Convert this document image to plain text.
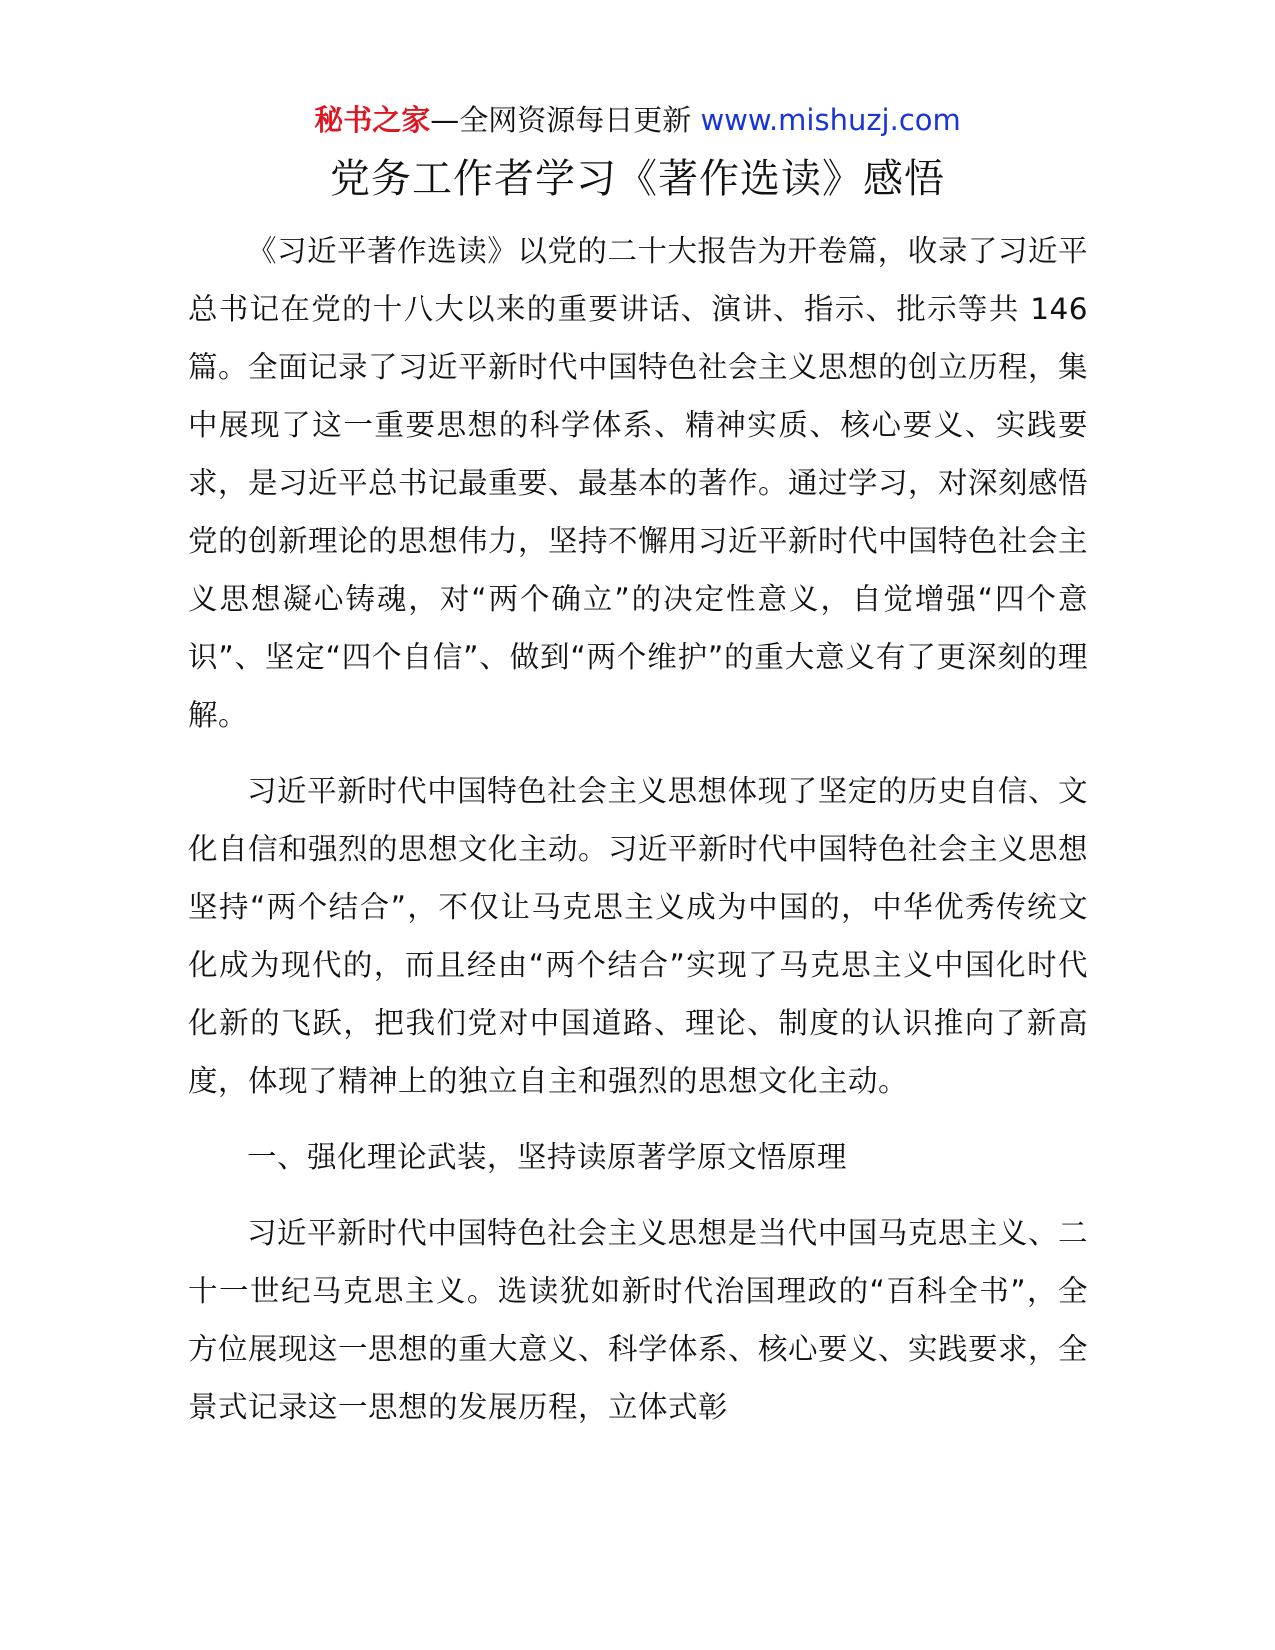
秘书之家—全网资源每日更新 www.mishuzj.com
党务工作者学习《著作选读》感悟

《习近平著作选读》以党的二十大报告为开卷篇，收录了习近平总书记在党的十八大以来的重要讲话、演讲、指示、批示等共 146 篇。全面记录了习近平新时代中国特色社会主义思想的创立历程，集中展现了这一重要思想的科学体系、精神实质、核心要义、实践要求，是习近平总书记最重要、最基本的著作。通过学习，对深刻感悟党的创新理论的思想伟力，坚持不懈用习近平新时代中国特色社会主义思想凝心铸魂，对“两个确立”的决定性意义，自觉增强“四个意识”、坚定“四个自信”、做到“两个维护”的重大意义有了更深刻的理解。

习近平新时代中国特色社会主义思想体现了坚定的历史自信、文化自信和强烈的思想文化主动。习近平新时代中国特色社会主义思想坚持“两个结合”，不仅让马克思主义成为中国的，中华优秀传统文化成为现代的，而且经由“两个结合”实现了马克思主义中国化时代化新的飞跃，把我们党对中国道路、理论、制度的认识推向了新高度，体现了精神上的独立自主和强烈的思想文化主动。

一、强化理论武装，坚持读原著学原文悟原理

习近平新时代中国特色社会主义思想是当代中国马克思主义、二十一世纪马克思主义。选读犹如新时代治国理政的“百科全书”，全方位展现这一思想的重大意义、科学体系、核心要义、实践要求，全景式记录这一思想的发展历程，立体式彰
